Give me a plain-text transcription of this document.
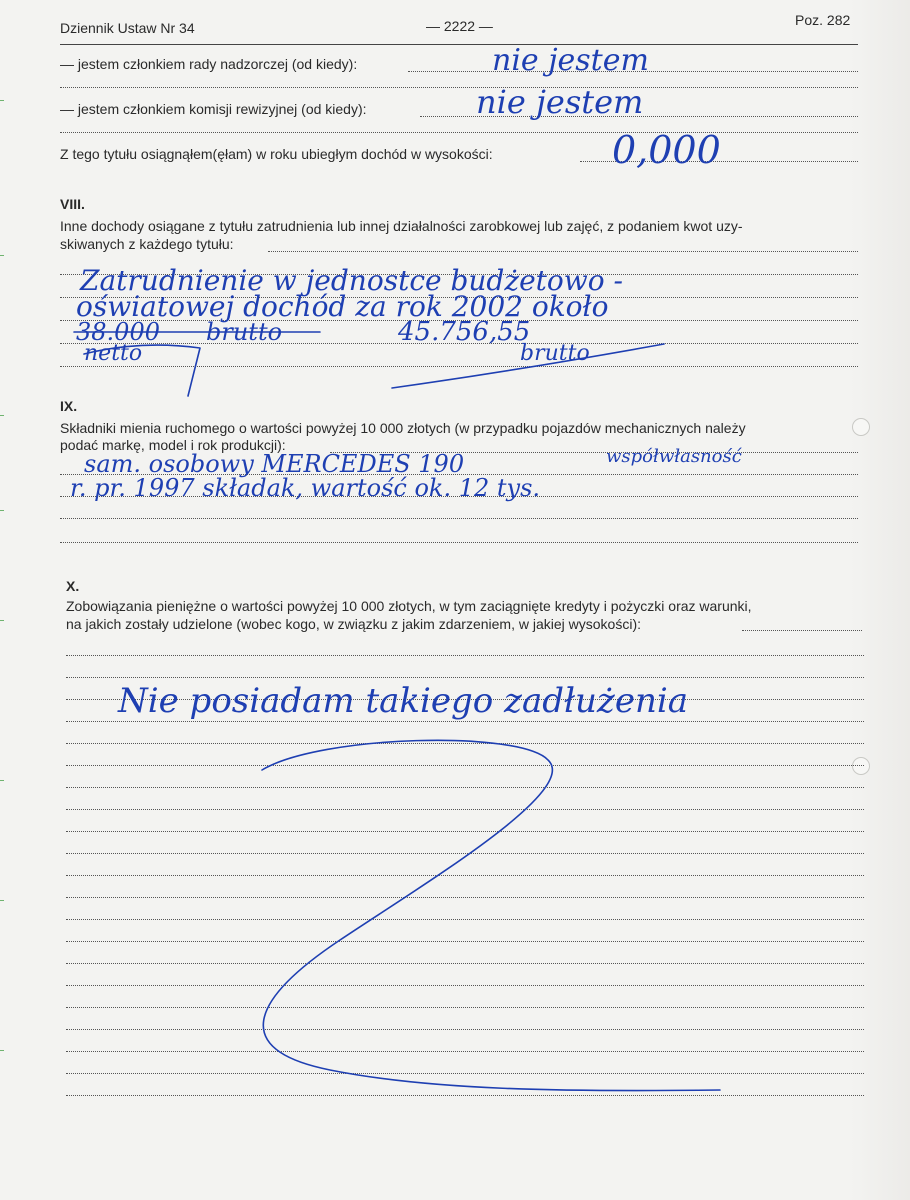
Dziennik Ustaw Nr 34	— 2222 —	Poz. 282
— jestem członkiem rady nadzorczej (od kiedy):
— jestem członkiem komisji rewizyjnej (od kiedy):
Z tego tytułu osiągnąłem(ęłam) w roku ubiegłym dochód w wysokości:
VIII.
Inne dochody osiągane z tytułu zatrudnienia lub innej działalności zarobkowej lub zajęć, z podaniem kwot uzy-
skiwanych z każdego tytułu:
IX.
Składniki mienia ruchomego o wartości powyżej 10 000 złotych (w przypadku pojazdów mechanicznych należy
podać markę, model i rok produkcji):
X.
Zobowiązania pieniężne o wartości powyżej 10 000 złotych, w tym zaciągnięte kredyty i pożyczki oraz warunki,
na jakich zostały udzielone (wobec kogo, w związku z jakim zdarzeniem, w jakiej wysokości):
nie jestem
nie jestem
0,000
Zatrudnienie w jednostce budżetowo -
oświatowej dochód za rok 2002 około
38.000 brutto	45.756,55
netto	brutto
sam. osobowy MERCEDES 190	współwłasność
r. pr. 1997 składak, wartość ok. 12 tys.
Nie posiadam takiego zadłużenia
